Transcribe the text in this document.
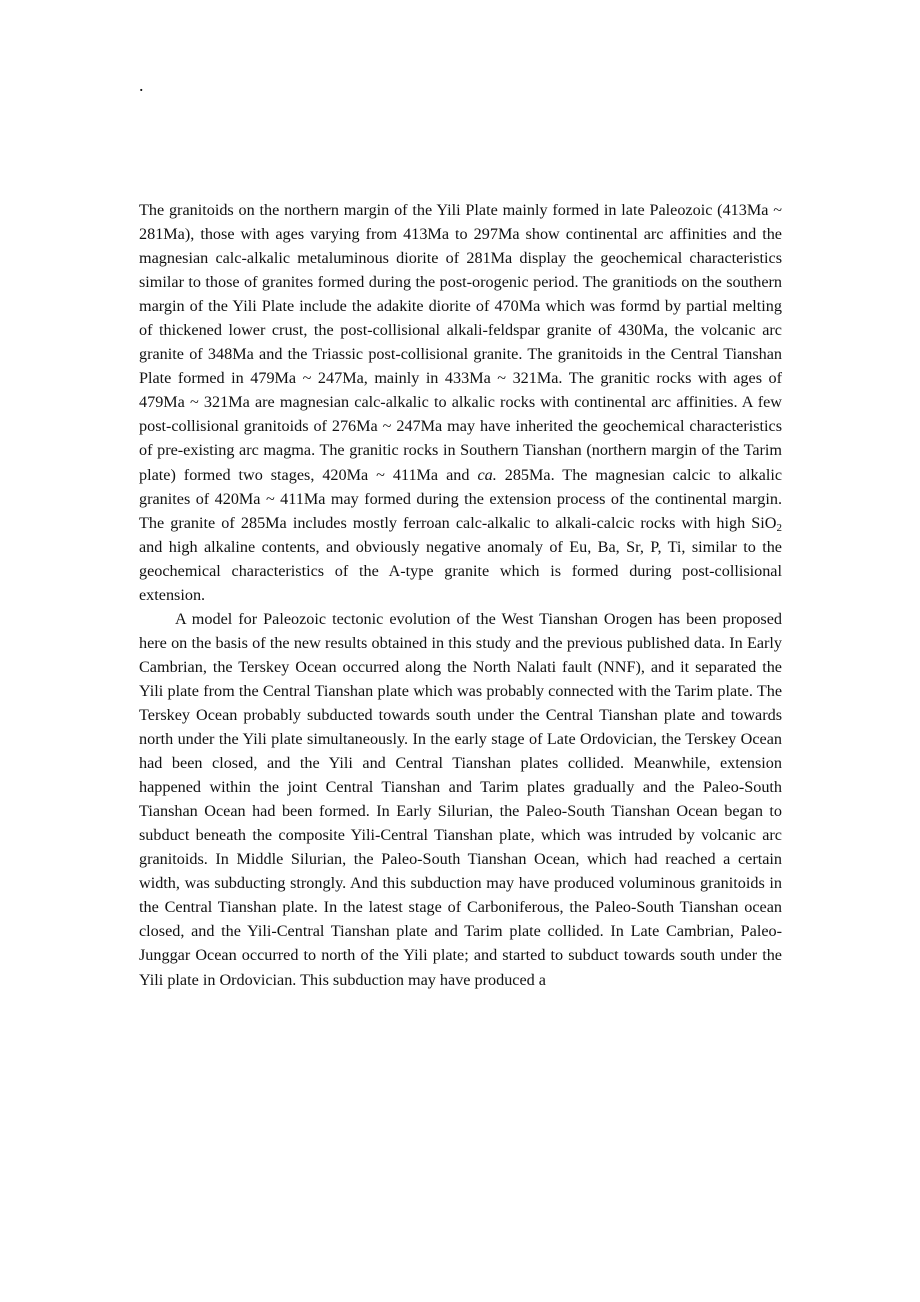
.

The granitoids on the northern margin of the Yili Plate mainly formed in late Paleozoic (413Ma ~ 281Ma), those with ages varying from 413Ma to 297Ma show continental arc affinities and the magnesian calc-alkalic metaluminous diorite of 281Ma display the geochemical characteristics similar to those of granites formed during the post-orogenic period. The granitiods on the southern margin of the Yili Plate include the adakite diorite of 470Ma which was formd by partial melting of thickened lower crust, the post-collisional alkali-feldspar granite of 430Ma, the volcanic arc granite of 348Ma and the Triassic post-collisional granite. The granitoids in the Central Tianshan Plate formed in 479Ma ~ 247Ma, mainly in 433Ma ~ 321Ma. The granitic rocks with ages of 479Ma ~ 321Ma are magnesian calc-alkalic to alkalic rocks with continental arc affinities. A few post-collisional granitoids of 276Ma ~ 247Ma may have inherited the geochemical characteristics of pre-existing arc magma. The granitic rocks in Southern Tianshan (northern margin of the Tarim plate) formed two stages, 420Ma ~ 411Ma and ca. 285Ma. The magnesian calcic to alkalic granites of 420Ma ~ 411Ma may formed during the extension process of the continental margin. The granite of 285Ma includes mostly ferroan calc-alkalic to alkali-calcic rocks with high SiO$_2$ and high alkaline contents, and obviously negative anomaly of Eu, Ba, Sr, P, Ti, similar to the geochemical characteristics of the A-type granite which is formed during post-collisional extension.

A model for Paleozoic tectonic evolution of the West Tianshan Orogen has been proposed here on the basis of the new results obtained in this study and the previous published data. In Early Cambrian, the Terskey Ocean occurred along the North Nalati fault (NNF), and it separated the Yili plate from the Central Tianshan plate which was probably connected with the Tarim plate. The Terskey Ocean probably subducted towards south under the Central Tianshan plate and towards north under the Yili plate simultaneously. In the early stage of Late Ordovician, the Terskey Ocean had been closed, and the Yili and Central Tianshan plates collided. Meanwhile, extension happened within the joint Central Tianshan and Tarim plates gradually and the Paleo-South Tianshan Ocean had been formed. In Early Silurian, the Paleo-South Tianshan Ocean began to subduct beneath the composite Yili-Central Tianshan plate, which was intruded by volcanic arc granitoids. In Middle Silurian, the Paleo-South Tianshan Ocean, which had reached a certain width, was subducting strongly. And this subduction may have produced voluminous granitoids in the Central Tianshan plate. In the latest stage of Carboniferous, the Paleo-South Tianshan ocean closed, and the Yili-Central Tianshan plate and Tarim plate collided. In Late Cambrian, Paleo-Junggar Ocean occurred to north of the Yili plate; and started to subduct towards south under the Yili plate in Ordovician. This subduction may have produced a
